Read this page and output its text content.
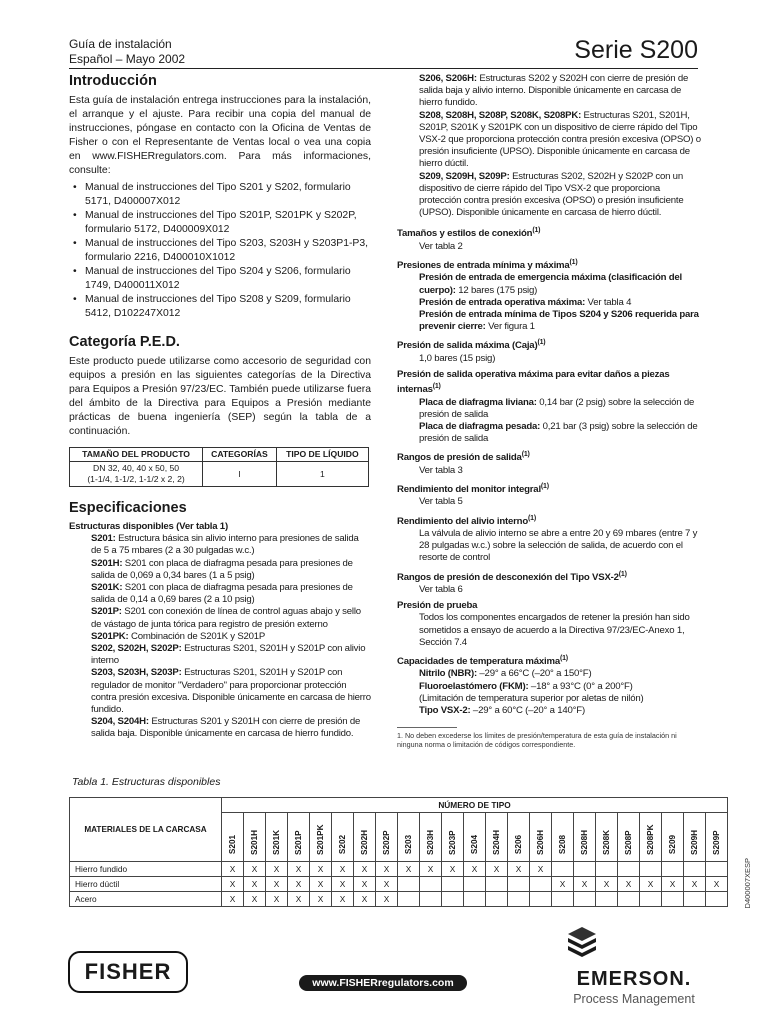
Guía de instalación
Español – Mayo 2002	Serie S200
Introducción

Esta guía de instalación entrega instrucciones para la instalación, el arranque y el ajuste. Para recibir una copia del manual de instrucciones, póngase en contacto con la Oficina de Ventas de Fisher o con el Representante de Ventas local o vea una copia en www.FISHERregulators.com. Para más informaciones, consulte:

• Manual de instrucciones del Tipo S201 y S202, formulario 5171, D400007X012
• Manual de instrucciones del Tipo S201P, S201PK y S202P, formulario 5172, D400009X012
• Manual de instrucciones del Tipo S203, S203H y S203P1-P3, formulario 2216, D400010X1012
• Manual de instrucciones del Tipo S204 y S206, formulario 1749, D400011X012
• Manual de instrucciones del Tipo S208 y S209, formulario 5412, D102247X012
Categoría P.E.D.

Este producto puede utilizarse como accesorio de seguridad con equipos a presión en las siguientes categorías de la Directiva para Equipos a Presión 97/23/EC. También puede utilizarse fuera del ámbito de la Directiva para Equipos a Presión mediante prácticas de buena ingeniería (SEP) según la tabla de a continuación.

TAMAÑO DEL PRODUCTO	CATEGORÍAS	TIPO DE LÍQUIDO

DN 32, 40, 40 x 50, 50
(1-1/4, 1-1/2, 1-1/2 x 2, 2)	I	1
Especificaciones
Estructuras disponibles (Ver tabla 1)
S201: Estructura básica sin alivio interno para presiones de salida de 5 a 75 mbares (2 a 30 pulgadas w.c.)
S201H: S201 con placa de diafragma pesada para presiones de salida de 0,069 a 0,34 bares (1 a 5 psig)
S201K: S201 con placa de diafragma pesada para presiones de salida de 0,14 a 0,69 bares (2 a 10 psig)
S201P: S201 con conexión de línea de control aguas abajo y sello de vástago de junta tórica para registro de presión externo
S201PK: Combinación de S201K y S201P
S202, S202H, S202P: Estructuras S201, S201H y S201P con alivio interno
S203, S203H, S203P: Estructuras S201, S201H y S201P con regulador de monitor "Verdadero" para proporcionar protección contra presión excesiva. Disponible únicamente en carcasa de hierro fundido.
S204, S204H: Estructuras S201 y S201H con cierre de presión de salida baja. Disponible únicamente en carcasa de hierro fundido.
S206, S206H: Estructuras S202 y S202H con cierre de presión de salida baja y alivio interno. Disponible únicamente en carcasa de hierro fundido.
S208, S208H, S208P, S208K, S208PK: Estructuras S201, S201H, S201P, S201K y S201PK con un dispositivo de cierre rápido del Tipo VSX-2 que proporciona protección contra presión excesiva (OPSO) o presión insuficiente (UPSO). Disponible únicamente en carcasa de hierro dúctil.
S209, S209H, S209P: Estructuras S202, S202H y S202P con un dispositivo de cierre rápido del Tipo VSX-2 que proporciona protección contra presión excesiva (OPSO) o presión insuficiente (UPSO). Disponible únicamente en carcasa de hierro dúctil.
Tamaños y estilos de conexión$^{(1)}$
Ver tabla 2
Presiones de entrada mínima y máxima$^{(1)}$
Presión de entrada de emergencia máxima (clasificación del cuerpo): 12 bares (175 psig)
Presión de entrada operativa máxima: Ver tabla 4
Presión de entrada mínima de Tipos S204 y S206 requerida para prevenir cierre: Ver figura 1
Presión de salida máxima (Caja)$^{(1)}$
1,0 bares (15 psig)
Presión de salida operativa máxima para evitar daños a piezas internas$^{(1)}$
Placa de diafragma liviana: 0,14 bar (2 psig) sobre la selección de presión de salida
Placa de diafragma pesada: 0,21 bar (3 psig) sobre la selección de presión de salida
Rangos de presión de salida$^{(1)}$
Ver tabla 3
Rendimiento del monitor integral$^{(1)}$
Ver tabla 5
Rendimiento del alivio interno$^{(1)}$
La válvula de alivio interno se abre a entre 20 y 69 mbares (entre 7 y 28 pulgadas w.c.) sobre la selección de salida, de acuerdo con el resorte de control
Rangos de presión de desconexión del Tipo VSX-2$^{(1)}$
Ver tabla 6
Presión de prueba
Todos los componentes encargados de retener la presión han sido sometidos a ensayo de acuerdo a la Directiva 97/23/EC-Anexo 1, Sección 7.4
Capacidades de temperatura máxima$^{(1)}$
Nitrilo (NBR): –29° a 66°C (–20° a 150°F)
Fluoroelastómero (FKM): –18° a 93°C (0° a 200°F)
(Limitación de temperatura superior por aletas de nilón)
Tipo VSX-2: –29° a 60°C (–20° a 140°F)
1. No deben excederse los límites de presión/temperatura de esta guía de instalación ni ninguna norma o limitación de códigos correspondiente.
Tabla 1. Estructuras disponibles
MATERIALES DE LA CARCASA	NÚMERO DE TIPO																						

	S201	S201H	S201K	S201P	S201PK	S202	S202H	S202P	S203	S203H	S203P	S204	S204H	S206	S206H	S208	S208H	S208K	S208P	S208PK	S209	S209H	S209P

Hierro fundido	X	X	X	X	X	X	X	X	X	X	X	X	X	X	X								
Hierro dúctil	X	X	X	X	X	X	X	X								X	X	X	X	X	X	X	X
Acero	X	X	X	X	X	X	X	X																D400007XESP
FISHER	www.FISHERregulators.com	EMERSON.
Process Management
